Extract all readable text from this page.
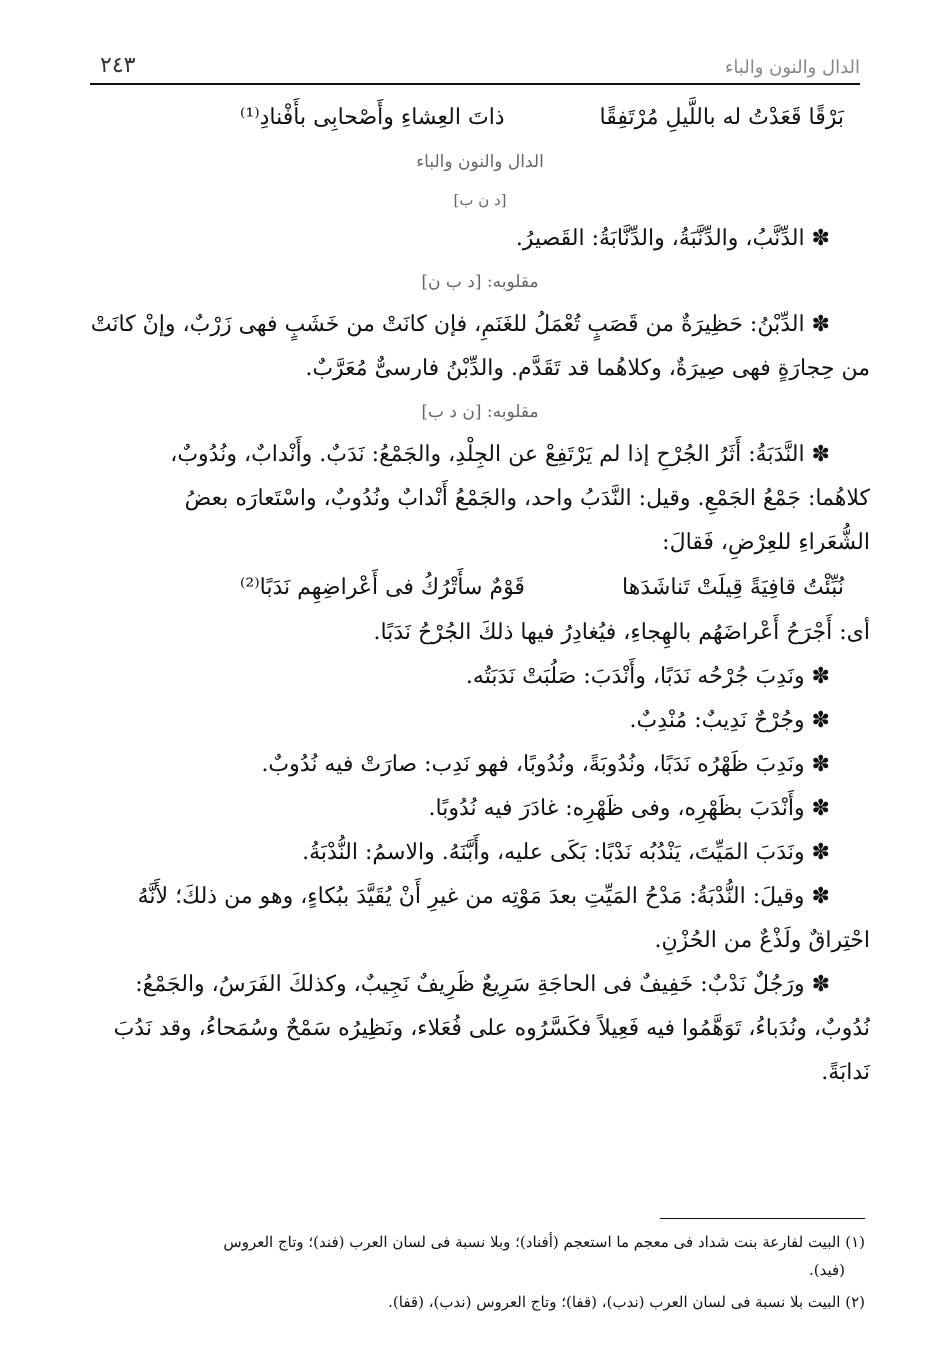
الدال والنون والباء
٢٤٣
بَرْقًا قَعَدْتُ له باللَّيلِ مُرْتَفِقًا
ذاتَ العِشاءِ وأَصْحابِى بأَفْنادِ⁽¹⁾
الدال والنون والباء
[د ن ب]

✽ الدِّنَّبُ، والدِّنَّبَةُ، والدِّنَّابَةُ: القَصيرُ.

مقلوبه: [د ب ن]

✽ الدِّبْنُ: حَظِيرَةٌ من قَصَبٍ تُعْمَلُ للغَنَمِ، فإن كانَتْ من خَشَبٍ فهى زَرْبٌ، وإنْ كانَتْ
من حِجارَةٍ فهى صِيرَةٌ، وكلاهُما قد تَقَدَّم. والدِّبْنُ فارسىٌّ مُعَرَّبٌ.

مقلوبه: [ن د ب]

✽ النَّدَبَةُ: أَثَرُ الجُرْحِ إذا لم يَرْتَفِعْ عن الجِلْدِ، والجَمْعُ: نَدَبٌ. وأَنْدابٌ، ونُدُوبٌ،
كلاهُما: جَمْعُ الجَمْعِ. وقيل: النَّدَبُ واحد، والجَمْعُ أَنْدابٌ ونُدُوبٌ، واسْتَعارَه بعضُ
الشُّعَراءِ للعِرْضِ، فَقالَ:

نُبِّئْتُ قافِيَةً قِيلَتْ تَناشَدَها
قَوْمٌ سأَتْرُكُ فى أَعْراضِهِم نَدَبًا⁽²⁾

أى: أَجْرَحُ أَعْراضَهُم بالهِجاءِ، فيُغادِرُ فيها ذلكَ الجُرْحُ نَدَبًا.

✽ ونَدِبَ جُرْحُه نَدَبًا، وأَنْدَبَ: صَلُبَتْ نَدَبَتُه.

✽ وجُرْحٌ نَدِيبٌ: مُنْدِبٌ.

✽ ونَدِبَ ظَهْرُه نَدَبًا، ونُدُوبَةً، ونُدُوبًا، فهو نَدِب: صارَتْ فيه نُدُوبٌ.

✽ وأَنْدَبَ بظَهْرِه، وفى ظَهْرِه: غادَرَ فيه نُدُوبًا.

✽ ونَدَبَ المَيِّتَ، يَنْدُبُه نَدْبًا: بَكَى عليه، وأَبَّنَهُ. والاسمُ: النُّدْبَةُ.

✽ وقيلَ: النُّدْبَةُ: مَدْحُ المَيِّتِ بعدَ مَوْتِه من غيرِ أَنْ يُقَيَّدَ ببُكاءٍ، وهو من ذلكَ؛ لأَنَّهُ
احْتِراقٌ ولَذْعٌ من الحُزْنِ.

✽ ورَجُلٌ نَدْبٌ: خَفِيفٌ فى الحاجَةِ سَرِيعٌ ظَرِيفٌ نَجِيبٌ، وكذلكَ الفَرَسُ، والجَمْعُ:
نُدُوبٌ، ونُدَباءُ، تَوَهَّمُوا فيه فَعِيلاً فكَسَّرُوه على فُعَلاء، ونَظِيرُه سَمْحٌ وسُمَحاءُ، وقد نَدُبَ
نَدابَةً.

(١) البيت لفارعة بنت شداد فى معجم ما استعجم (أفناد)؛ وبلا نسبة فى لسان العرب (فند)؛ وتاج العروس
(فيد).

(٢) البيت بلا نسبة فى لسان العرب (ندب)، (قفا)؛ وتاج العروس (ندب)، (قفا).
